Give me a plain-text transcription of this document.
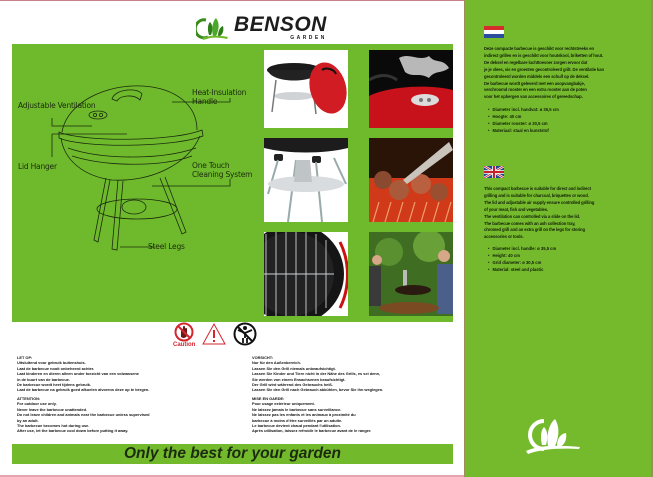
BENSON
GARDEN
Adjustable Ventilation
Heat-Insulation Handle
Lid Hanger	One Touch Cleaning System
Steel Legs

Deze compacte barbecue is geschikt voor rechtstreeks en

indirect grillen en is geschikt voor houtskool, briketten of hout.

De deksel en regelbare luchttoevoer zorgen ervoor dat

je je vlees, vis en groenten gecontroleerd grilt. De ventilatie kan

gecontroleerd worden middels een schuif op de deksel.

De barbecue wordt geleverd met een asopvangbakje,

verchroomd rooster en een extra rooster aan de poten

voor het opbergen van accessoires of gereedschap.

• Diameter incl. handvat: ø 35,5 cm
• Hoogte: 40 cm
• Diameter rooster: ø 30,5 cm
• Materiaal: staal en kunststof

This compact barbecue is suitable for direct and indirect

grilling and is suitable for charcoal, briquettes or wood.

The lid and adjustable air supply ensure controlled grilling

of your meat, fish and vegetables.

The ventilation can controlled via a slide on the lid.

The barbecue comes with an ash collection tray,

chromed grill and an extra grill on the legs for storing

accessories or tools.

• Diameter incl. handle: ø 35,5 cm
• Height: 40 cm
• Grid diameter: ø 30,5 cm
• Material: steel and plastic
Caution
LET OP:
Uitsluitend voor gebruik buitenshuis.
Laat de barbecue nooit onbeheerd achter.
Laat kinderen en dieren alleen onder toezicht van een volwassene
in de buurt van de barbecue.
De barbecue wordt heet tijdens gebruik.
Laat de barbecue na gebruik goed afkoelen alvorens deze op te bergen.
ATTENTION:
For outdoor use only.
Never leave the barbecue unattended.
Do not leave children and animals near the barbecue unless supervised
by an adult.
The barbecue becomes hot during use.
After use, let the barbecue cool down before putting it away.
VORSICHT:
Nur für den Außenbereich.
Lassen Sie den Grill niemals unbeaufsichtigt.
Lassen Sie Kinder und Tiere nicht in der Nähe des Grills, es sei denn,
Sie werden von einem Erwachsenen beaufsichtigt.
Der Grill wird während des Gebrauchs heiß.
Lassen Sie den Grill nach Gebrauch abkühlen, bevor Sie ihn weglegen.
MISE EN GARDE:
Pour usage extérieur uniquement.
Ne laissez jamais le barbecue sans surveillance.
Ne laissez pas les enfants et les animaux à proximité du
barbecue à moins d'être surveillés par un adulte.
Le barbecue devient chaud pendant l'utilisation.
Après utilisation, laissez refroidir le barbecue avant de le ranger.
Only the best for your garden
